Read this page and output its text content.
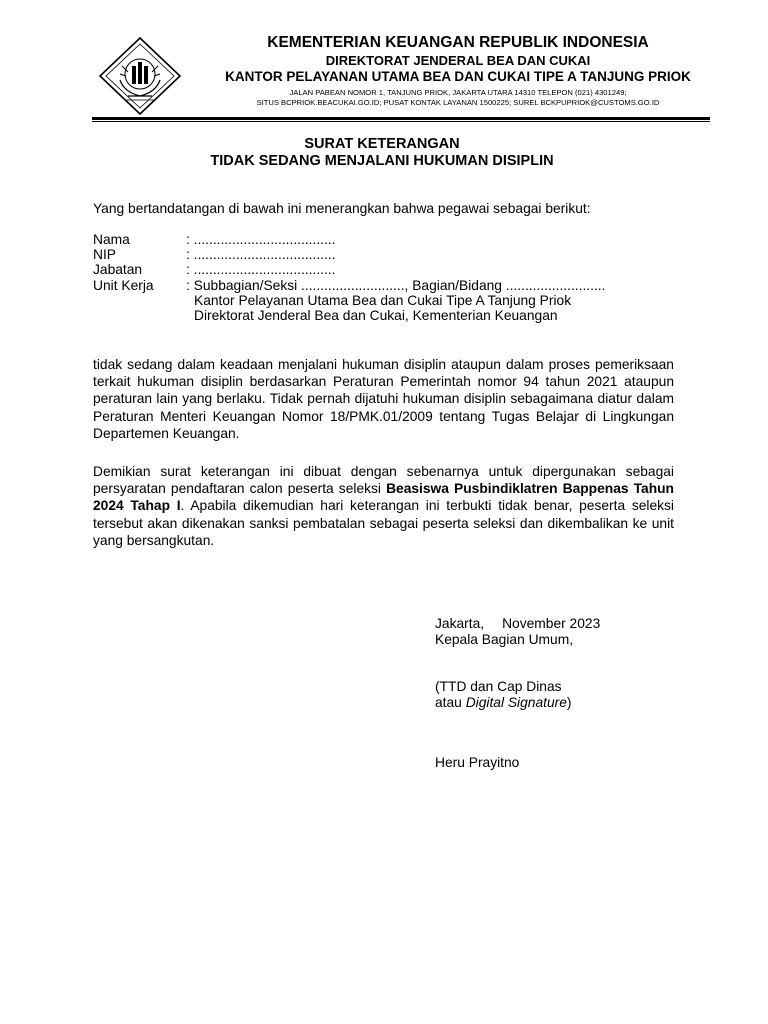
KEMENTERIAN KEUANGAN REPUBLIK INDONESIA
DIREKTORAT JENDERAL BEA DAN CUKAI
KANTOR PELAYANAN UTAMA BEA DAN CUKAI TIPE A TANJUNG PRIOK
JALAN PABEAN NOMOR 1, TANJUNG PRIOK, JAKARTA UTARA 14310 TELEPON (021) 4301249;
SITUS BCPRIOK.BEACUKAI.GO.ID; PUSAT KONTAK LAYANAN 1500225; SUREL BCKPUPRIOK@CUSTOMS.GO.ID
SURAT KETERANGAN
TIDAK SEDANG MENJALANI HUKUMAN DISIPLIN
Yang bertandatangan di bawah ini menerangkan bahwa pegawai sebagai berikut:
Nama	: .....................................
NIP	: .....................................
Jabatan	: .....................................
Unit Kerja : Subbagian/Seksi ..........................., Bagian/Bidang ..........................
Kantor Pelayanan Utama Bea dan Cukai Tipe A Tanjung Priok
Direktorat Jenderal Bea dan Cukai, Kementerian Keuangan
tidak sedang dalam keadaan menjalani hukuman disiplin ataupun dalam proses pemeriksaan terkait hukuman disiplin berdasarkan Peraturan Pemerintah nomor 94 tahun 2021 ataupun peraturan lain yang berlaku. Tidak pernah dijatuhi hukuman disiplin sebagaimana diatur dalam Peraturan Menteri Keuangan Nomor 18/PMK.01/2009 tentang Tugas Belajar di Lingkungan Departemen Keuangan.
Demikian surat keterangan ini dibuat dengan sebenarnya untuk dipergunakan sebagai persyaratan pendaftaran calon peserta seleksi Beasiswa Pusbindiklatren Bappenas Tahun 2024 Tahap I. Apabila dikemudian hari keterangan ini terbukti tidak benar, peserta seleksi tersebut akan dikenakan sanksi pembatalan sebagai peserta seleksi dan dikembalikan ke unit yang bersangkutan.
Jakarta, November 2023
Kepala Bagian Umum,
(TTD dan Cap Dinas
atau Digital Signature)
Heru Prayitno
